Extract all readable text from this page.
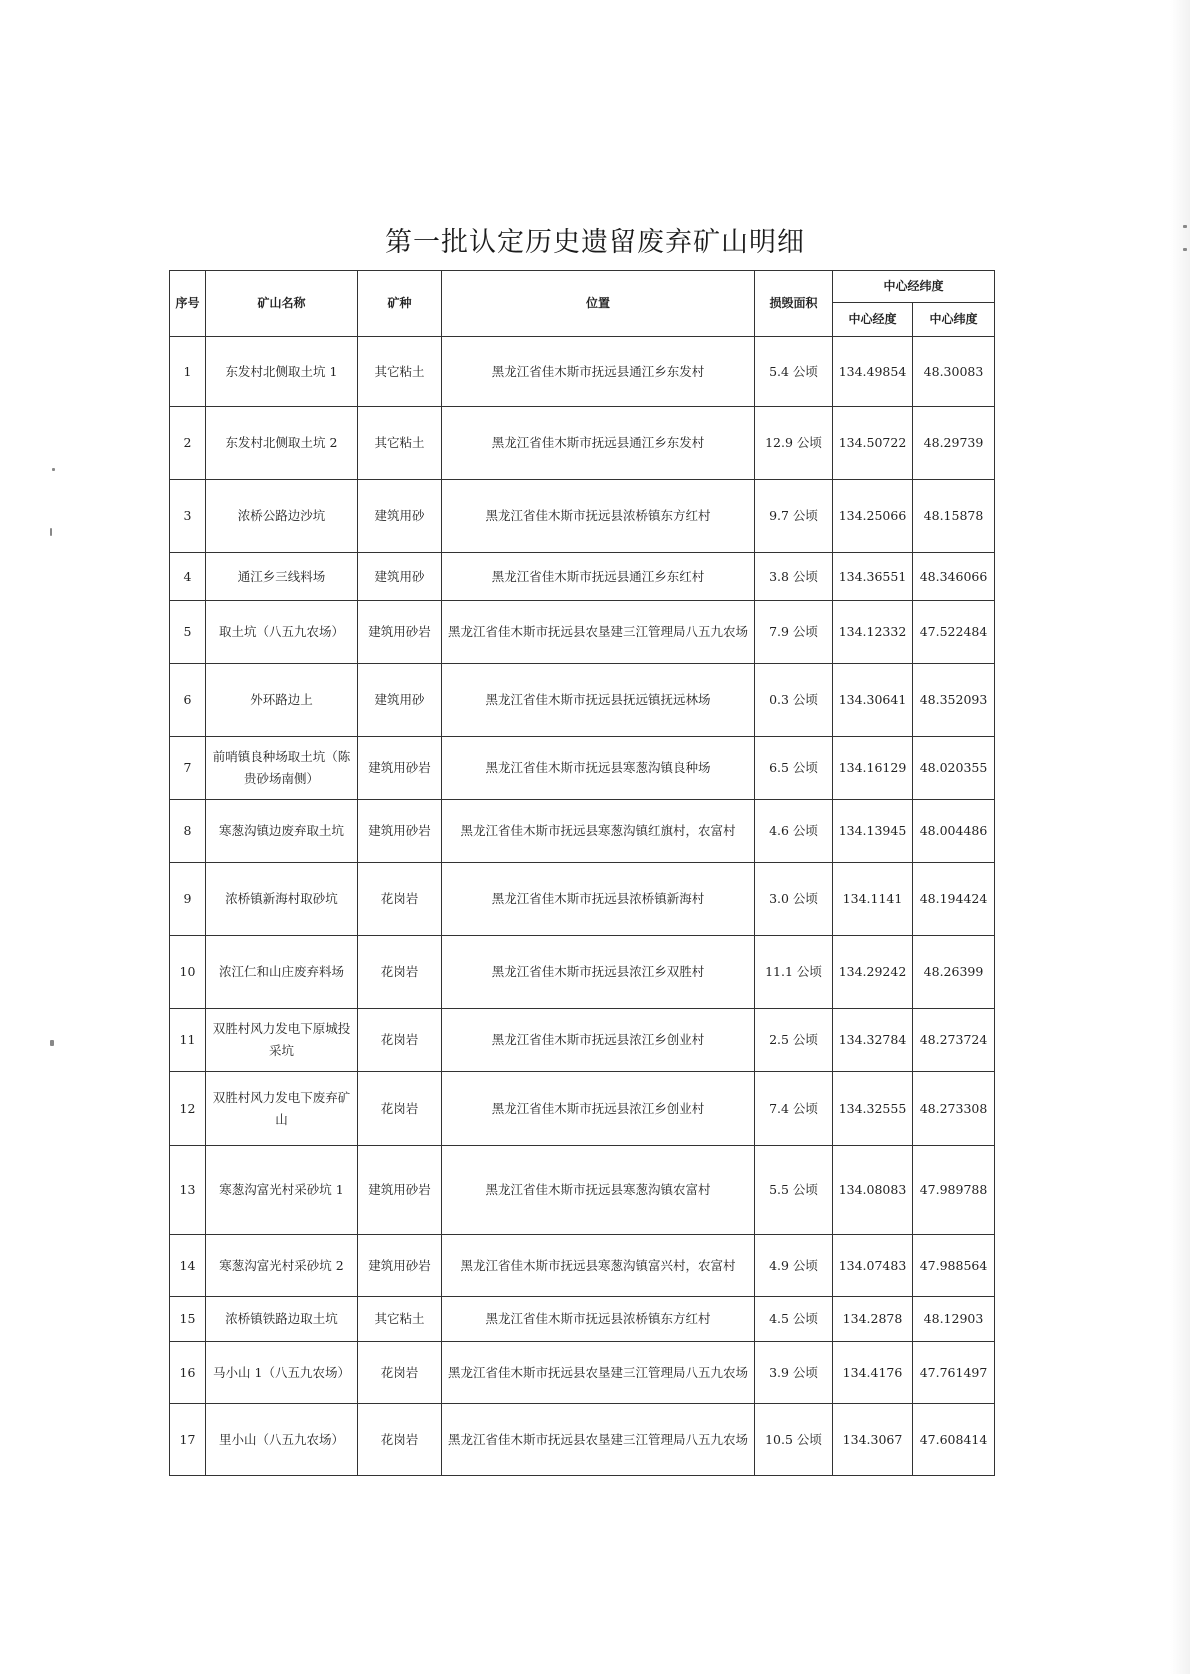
第一批认定历史遗留废弃矿山明细
序号	矿山名称	矿种	位置	损毁面积	中心经纬度	
					中心经度	中心纬度
1	东发村北侧取土坑 1	其它粘土	黑龙江省佳木斯市抚远县通江乡东发村	5.4 公顷	134.49854	48.30083
2	东发村北侧取土坑 2	其它粘土	黑龙江省佳木斯市抚远县通江乡东发村	12.9 公顷	134.50722	48.29739
3	浓桥公路边沙坑	建筑用砂	黑龙江省佳木斯市抚远县浓桥镇东方红村	9.7 公顷	134.25066	48.15878
4	通江乡三线料场	建筑用砂	黑龙江省佳木斯市抚远县通江乡东红村	3.8 公顷	134.36551	48.346066
5	取土坑（八五九农场）	建筑用砂岩	黑龙江省佳木斯市抚远县农垦建三江管理局八五九农场	7.9 公顷	134.12332	47.522484
6	外环路边上	建筑用砂	黑龙江省佳木斯市抚远县抚远镇抚远林场	0.3 公顷	134.30641	48.352093
7	前哨镇良种场取土坑（陈贵砂场南侧）	建筑用砂岩	黑龙江省佳木斯市抚远县寒葱沟镇良种场	6.5 公顷	134.16129	48.020355
8	寒葱沟镇边废弃取土坑	建筑用砂岩	黑龙江省佳木斯市抚远县寒葱沟镇红旗村，农富村	4.6 公顷	134.13945	48.004486
9	浓桥镇新海村取砂坑	花岗岩	黑龙江省佳木斯市抚远县浓桥镇新海村	3.0 公顷	134.1141	48.194424
10	浓江仁和山庄废弃料场	花岗岩	黑龙江省佳木斯市抚远县浓江乡双胜村	11.1 公顷	134.29242	48.26399
11	双胜村风力发电下原城投采坑	花岗岩	黑龙江省佳木斯市抚远县浓江乡创业村	2.5 公顷	134.32784	48.273724
12	双胜村风力发电下废弃矿山	花岗岩	黑龙江省佳木斯市抚远县浓江乡创业村	7.4 公顷	134.32555	48.273308
13	寒葱沟富光村采砂坑 1	建筑用砂岩	黑龙江省佳木斯市抚远县寒葱沟镇农富村	5.5 公顷	134.08083	47.989788
14	寒葱沟富光村采砂坑 2	建筑用砂岩	黑龙江省佳木斯市抚远县寒葱沟镇富兴村，农富村	4.9 公顷	134.07483	47.988564
15	浓桥镇铁路边取土坑	其它粘土	黑龙江省佳木斯市抚远县浓桥镇东方红村	4.5 公顷	134.2878	48.12903
16	马小山 1（八五九农场）	花岗岩	黑龙江省佳木斯市抚远县农垦建三江管理局八五九农场	3.9 公顷	134.4176	47.761497
17	里小山（八五九农场）	花岗岩	黑龙江省佳木斯市抚远县农垦建三江管理局八五九农场	10.5 公顷	134.3067	47.608414
